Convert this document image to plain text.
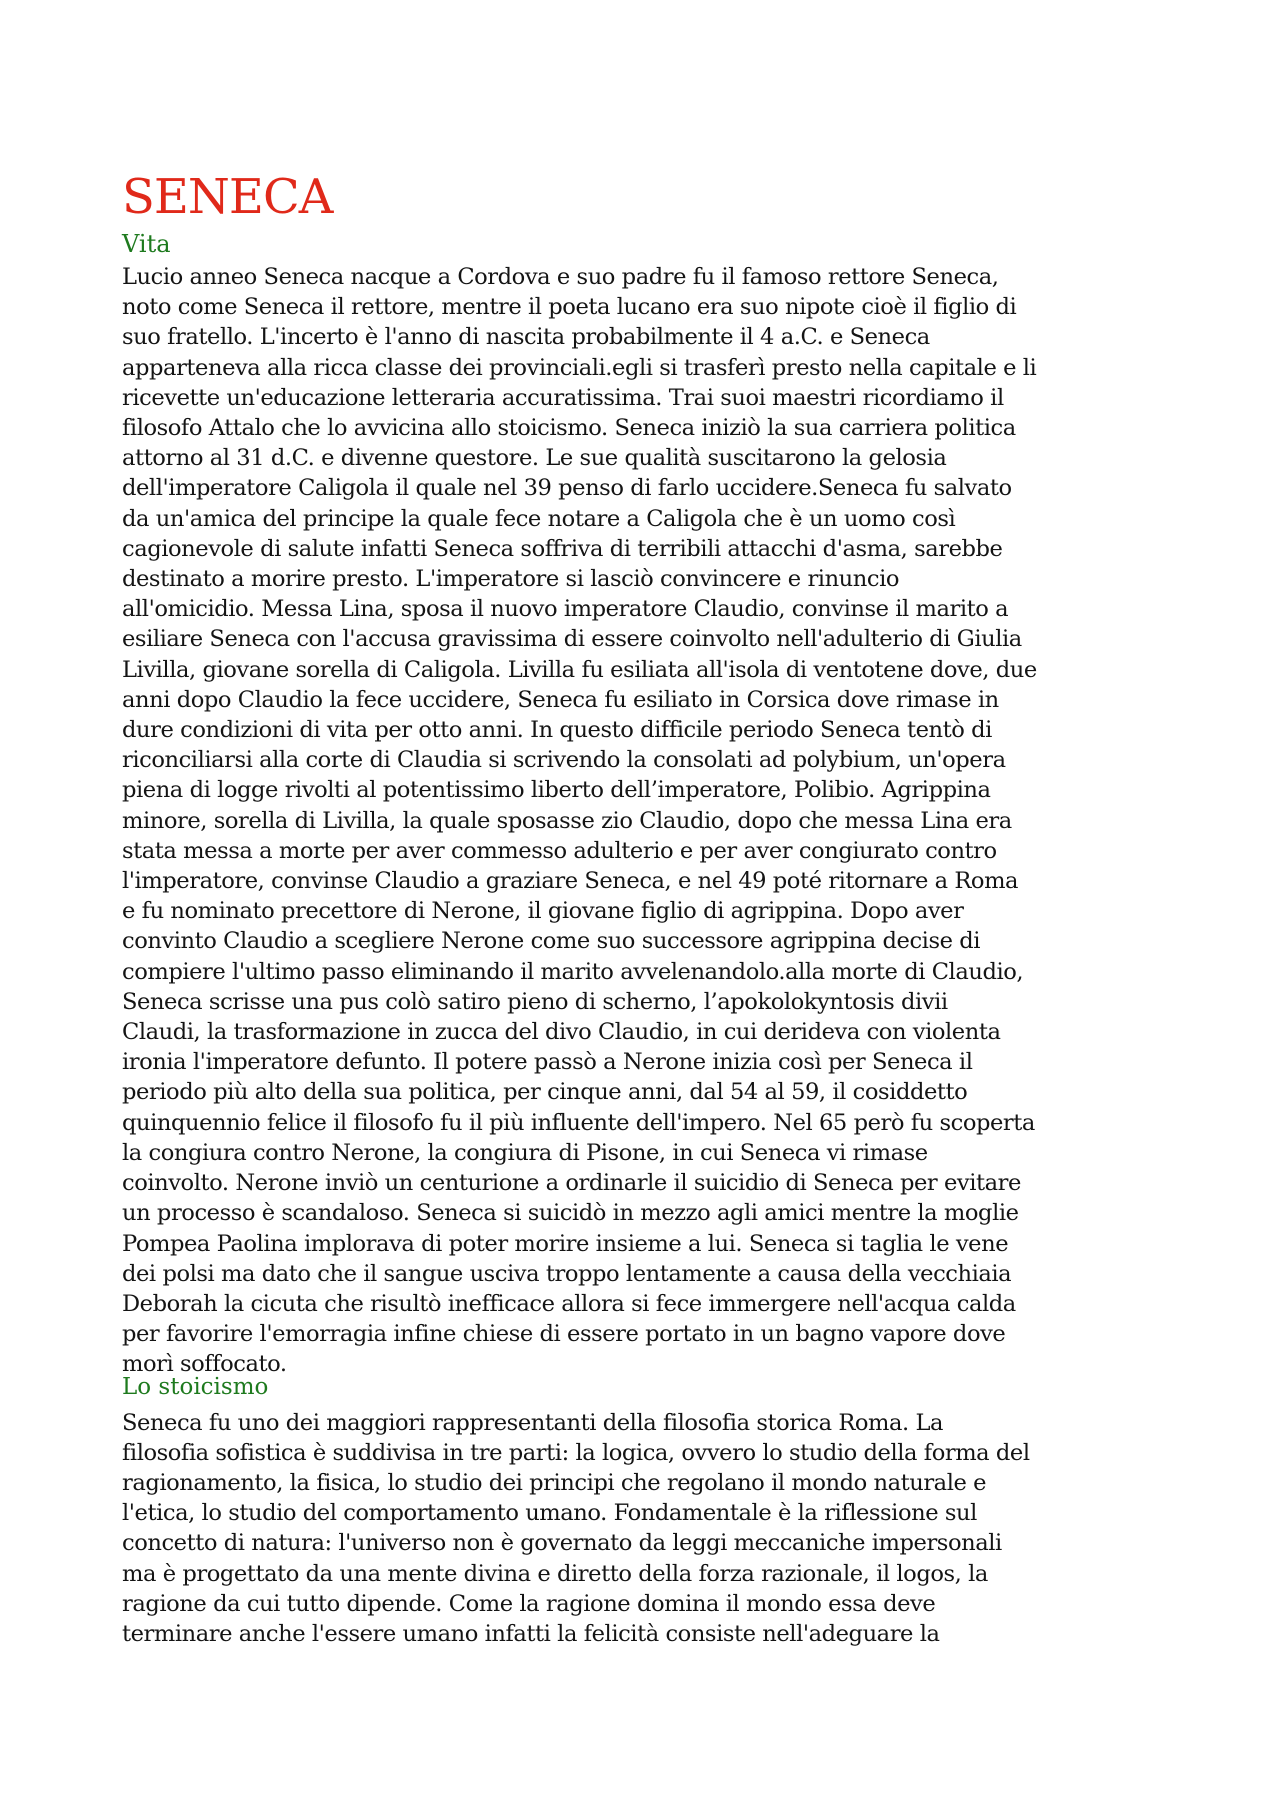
SENECA
Vita

Lucio anneo Seneca nacque a Cordova e suo padre fu il famoso rettore Seneca,
noto come Seneca il rettore, mentre il poeta lucano era suo nipote cioè il figlio di
suo fratello. L'incerto è l'anno di nascita probabilmente il 4 a.C. e Seneca
apparteneva alla ricca classe dei provinciali.egli si trasferì presto nella capitale e li
ricevette un'educazione letteraria accuratissima. Trai suoi maestri ricordiamo il
filosofo Attalo che lo avvicina allo stoicismo. Seneca iniziò la sua carriera politica
attorno al 31 d.C. e divenne questore. Le sue qualità suscitarono la gelosia
dell'imperatore Caligola il quale nel 39 penso di farlo uccidere.Seneca fu salvato
da un'amica del principe la quale fece notare a Caligola che è un uomo così
cagionevole di salute infatti Seneca soffriva di terribili attacchi d'asma, sarebbe
destinato a morire presto. L'imperatore si lasciò convincere e rinuncio
all'omicidio. Messa Lina, sposa il nuovo imperatore Claudio, convinse il marito a
esiliare Seneca con l'accusa gravissima di essere coinvolto nell'adulterio di Giulia
Livilla, giovane sorella di Caligola. Livilla fu esiliata all'isola di ventotene dove, due
anni dopo Claudio la fece uccidere, Seneca fu esiliato in Corsica dove rimase in
dure condizioni di vita per otto anni. In questo difficile periodo Seneca tentò di
riconciliarsi alla corte di Claudia si scrivendo la consolati ad polybium, un'opera
piena di logge rivolti al potentissimo liberto dell’imperatore, Polibio. Agrippina
minore, sorella di Livilla, la quale sposasse zio Claudio, dopo che messa Lina era
stata messa a morte per aver commesso adulterio e per aver congiurato contro
l'imperatore, convinse Claudio a graziare Seneca, e nel 49 poté ritornare a Roma
e fu nominato precettore di Nerone, il giovane figlio di agrippina. Dopo aver
convinto Claudio a scegliere Nerone come suo successore agrippina decise di
compiere l'ultimo passo eliminando il marito avvelenandolo.alla morte di Claudio,
Seneca scrisse una pus colò satiro pieno di scherno, l’apokolokyntosis divii
Claudi, la trasformazione in zucca del divo Claudio, in cui derideva con violenta
ironia l'imperatore defunto. Il potere passò a Nerone inizia così per Seneca il
periodo più alto della sua politica, per cinque anni, dal 54 al 59, il cosiddetto
quinquennio felice il filosofo fu il più influente dell'impero. Nel 65 però fu scoperta
la congiura contro Nerone, la congiura di Pisone, in cui Seneca vi rimase
coinvolto. Nerone inviò un centurione a ordinarle il suicidio di Seneca per evitare
un processo è scandaloso. Seneca si suicidò in mezzo agli amici mentre la moglie
Pompea Paolina implorava di poter morire insieme a lui. Seneca si taglia le vene
dei polsi ma dato che il sangue usciva troppo lentamente a causa della vecchiaia
Deborah la cicuta che risultò inefficace allora si fece immergere nell'acqua calda
per favorire l'emorragia infine chiese di essere portato in un bagno vapore dove
morì soffocato.

Lo stoicismo

Seneca fu uno dei maggiori rappresentanti della filosofia storica Roma. La
filosofia sofistica è suddivisa in tre parti: la logica, ovvero lo studio della forma del
ragionamento, la fisica, lo studio dei principi che regolano il mondo naturale e
l'etica, lo studio del comportamento umano. Fondamentale è la riflessione sul
concetto di natura: l'universo non è governato da leggi meccaniche impersonali
ma è progettato da una mente divina e diretto della forza razionale, il logos, la
ragione da cui tutto dipende. Come la ragione domina il mondo essa deve
terminare anche l'essere umano infatti la felicità consiste nell'adeguare la
